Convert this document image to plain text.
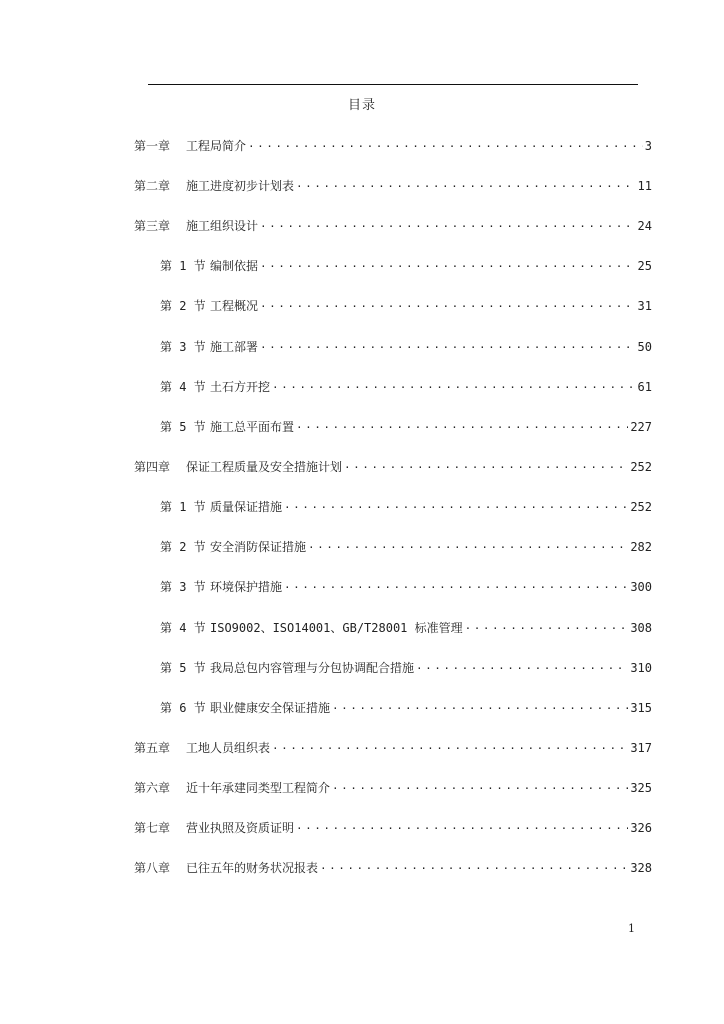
目录
第一章	工程局简介 .....	3
第二章	施工进度初步计划表 .....	11
第三章	施工组织设计 .....	24
第 1 节 编制依据 .....	25
第 2 节 工程概况 .....	31
第 3 节 施工部署 .....	50
第 4 节 土石方开挖 .....	61
第 5 节 施工总平面布置 .....	227
第四章	保证工程质量及安全措施计划 .....	252
第 1 节 质量保证措施 .....	252
第 2 节 安全消防保证措施 .....	282
第 3 节 环境保护措施 .....	300
第 4 节 ISO9002、ISO14001、GB/T28001 标准管理 .....	308
第 5 节 我局总包内容管理与分包协调配合措施 .....	310
第 6 节 职业健康安全保证措施 .....	315
第五章	工地人员组织表 .....	317
第六章	近十年承建同类型工程简介 .....	325
第七章	营业执照及资质证明 .....	326
第八章	已往五年的财务状况报表 .....	328
1
